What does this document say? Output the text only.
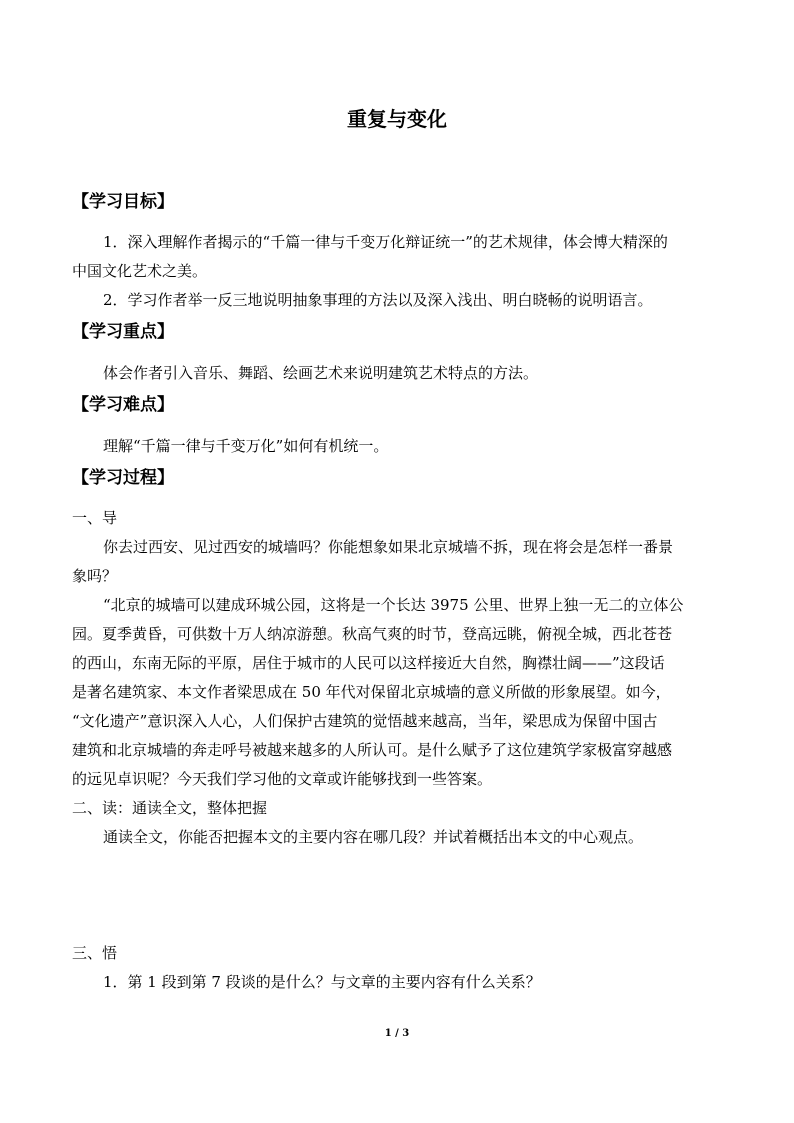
重复与变化
【学习目标】
1．深入理解作者揭示的“千篇一律与千变万化辩证统一”的艺术规律，体会博大精深的
中国文化艺术之美。
2．学习作者举一反三地说明抽象事理的方法以及深入浅出、明白晓畅的说明语言。
【学习重点】
体会作者引入音乐、舞蹈、绘画艺术来说明建筑艺术特点的方法。
【学习难点】
理解“千篇一律与千变万化”如何有机统一。
【学习过程】
一、导
你去过西安、见过西安的城墙吗？你能想象如果北京城墙不拆，现在将会是怎样一番景
象吗？
“北京的城墙可以建成环城公园，这将是一个长达 3975 公里、世界上独一无二的立体公
园。夏季黄昏，可供数十万人纳凉游憩。秋高气爽的时节，登高远眺，俯视全城，西北苍苍
的西山，东南无际的平原，居住于城市的人民可以这样接近大自然，胸襟壮阔——”这段话
是著名建筑家、本文作者梁思成在 50 年代对保留北京城墙的意义所做的形象展望。如今，
“文化遗产”意识深入人心，人们保护古建筑的觉悟越来越高，当年，梁思成为保留中国古
建筑和北京城墙的奔走呼号被越来越多的人所认可。是什么赋予了这位建筑学家极富穿越感
的远见卓识呢？今天我们学习他的文章或许能够找到一些答案。
二、读：通读全文，整体把握
通读全文，你能否把握本文的主要内容在哪几段？并试着概括出本文的中心观点。
三、悟
1．第 1 段到第 7 段谈的是什么？与文章的主要内容有什么关系？
1 / 3
